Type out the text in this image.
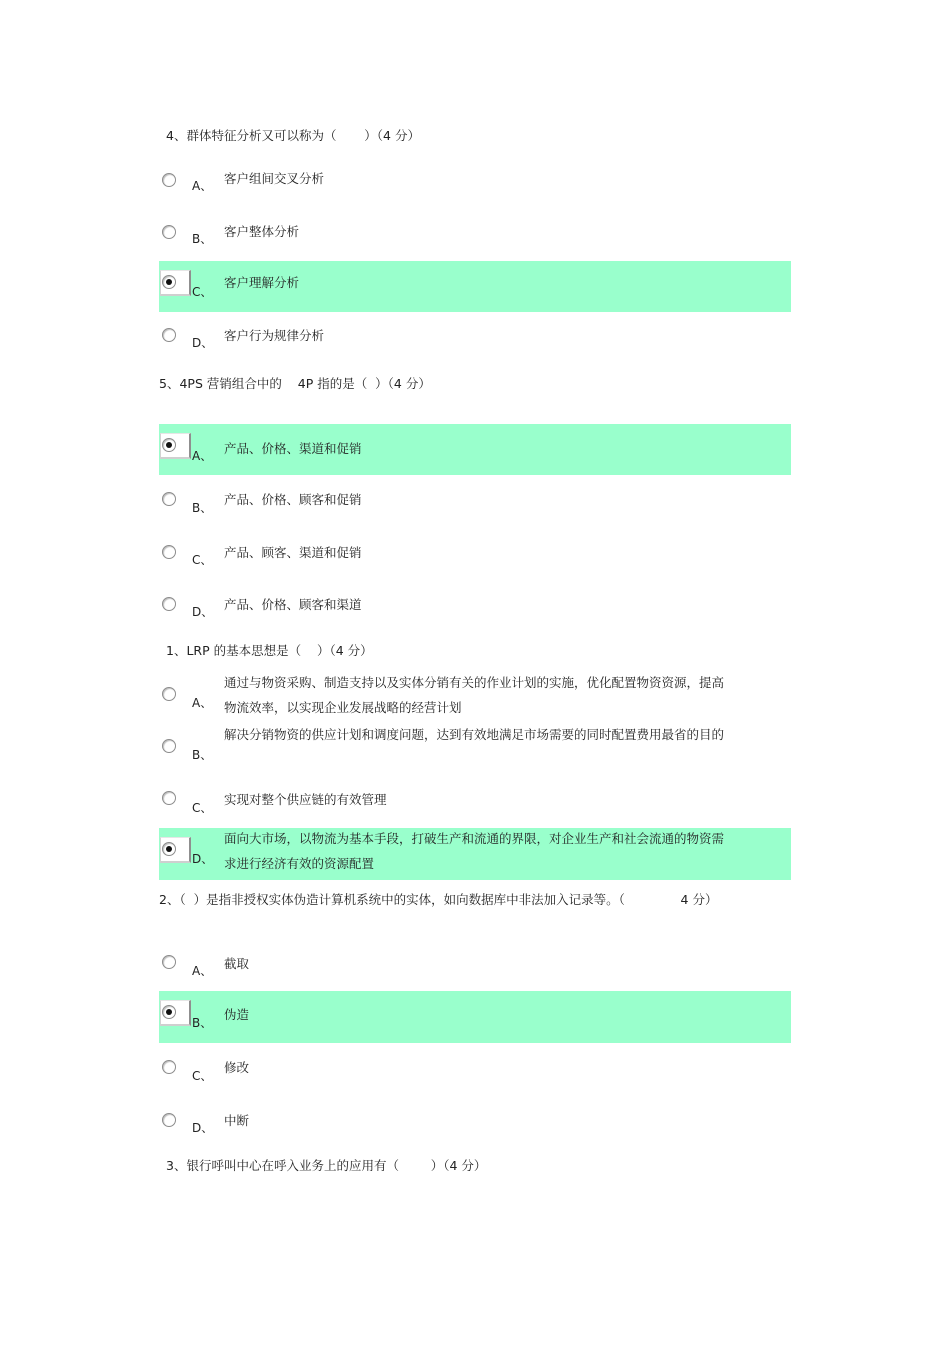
4、群体特征分析又可以称为（       ）（4 分）
A、 客户组间交叉分析
B、 客户整体分析
C、
客户理解分析
D、 客户行为规律分析
5、4PS 营销组合中的    4P 指的是（  ）（4 分）
A、 产品、价格、渠道和促销
B、
产品、价格、顾客和促销
C、 产品、顾客、渠道和促销
D、 产品、价格、顾客和渠道
1、LRP 的基本思想是（    ）（4 分）
A、
通过与物资采购、制造支持以及实体分销有关的作业计划的实施，优化配置物资资源，提高物流效率，以实现企业发展战略的经营计划
B、
解决分销物资的供应计划和调度问题，达到有效地满足市场需要的同时配置费用最省的目的
C、
实现对整个供应链的有效管理
D、
面向大市场，以物流为基本手段，打破生产和流通的界限，对企业生产和社会流通的物资需求进行经济有效的资源配置
2、（  ）是指非授权实体伪造计算机系统中的实体，如向数据库中非法加入记录等。（              4 分）
A、 截取
B、
伪造
C、
修改
D、 中断
3、银行呼叫中心在呼入业务上的应用有（        ）（4 分）
